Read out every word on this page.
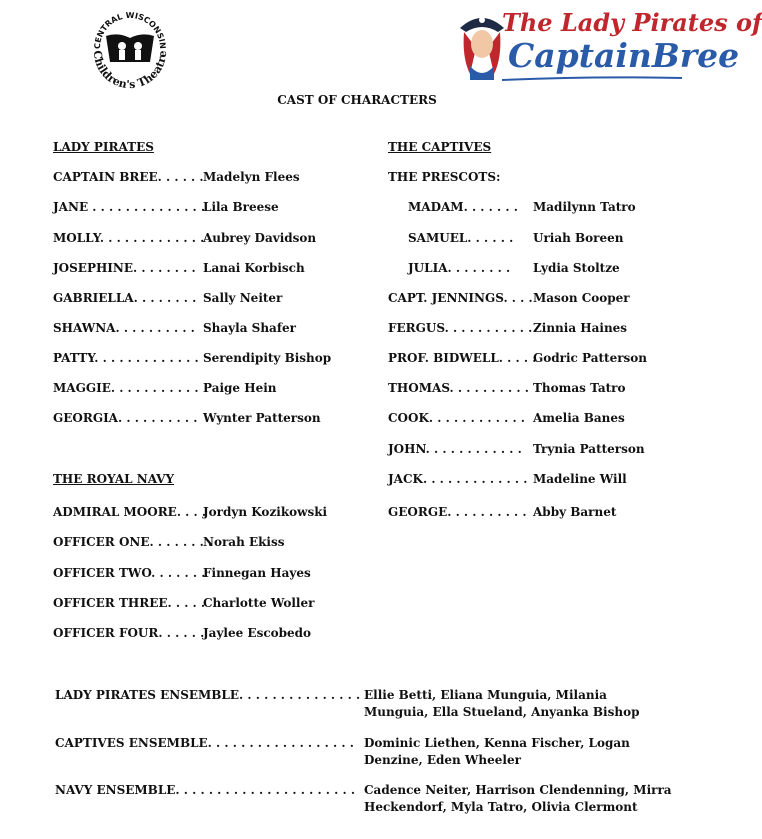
CENTRAL WISCONSIN
Children's Theatre
The Lady Pirates of
CaptainBree
CAST OF CHARACTERS
LADY PIRATES
CAPTAIN BREE. . . . . . Madelyn Flees
JANE . . . . . . . . . . . . . .
Lila Breese
MOLLY. . . . . . . . . . . . .
Aubrey Davidson
JOSEPHINE. . . . . . . . Lanai Korbisch
GABRIELLA. . . . . . . . Sally Neiter
SHAWNA. . . . . . . . . . Shayla Shafer
PATTY. . . . . . . . . . . . . Serendipity Bishop
MAGGIE. . . . . . . . . . . Paige Hein
GEORGIA. . . . . . . . . . Wynter Patterson
THE ROYAL NAVY
ADMIRAL MOORE. . . .
Jordyn Kozikowski
OFFICER ONE. . . . . . . .
Norah Ekiss
OFFICER TWO. . . . . . .
Finnegan Hayes
OFFICER THREE. . . . .
Charlotte Woller
OFFICER FOUR. . . . . . .
Jaylee Escobedo
THE CAPTIVES
THE PRESCOTS:
MADAM. . . . . . . Madilynn Tatro
SAMUEL. . . . . . Uriah Boreen
JULIA. . . . . . . . Lydia Stoltze
CAPT. JENNINGS. . . . Mason Cooper
FERGUS. . . . . . . . . . . Zinnia Haines
PROF. BIDWELL. . . . .
Godric Patterson
THOMAS. . . . . . . . . . Thomas Tatro
COOK. . . . . . . . . . . . Amelia Banes
JOHN. . . . . . . . . . . . Trynia Patterson
JACK. . . . . . . . . . . . . Madeline Will
GEORGE. . . . . . . . . . Abby Barnet
LADY PIRATES ENSEMBLE. . . . . . . . . . . . . . . Ellie Betti, Eliana Munguia, Milania Munguia, Ella Stueland, Anyanka Bishop
CAPTIVES ENSEMBLE. . . . . . . . . . . . . . . . . . Dominic Liethen, Kenna Fischer, Logan Denzine, Eden Wheeler
NAVY ENSEMBLE. . . . . . . . . . . . . . . . . . . . . . Cadence Neiter, Harrison Clendenning, Mirra Heckendorf, Myla Tatro, Olivia Clermont
